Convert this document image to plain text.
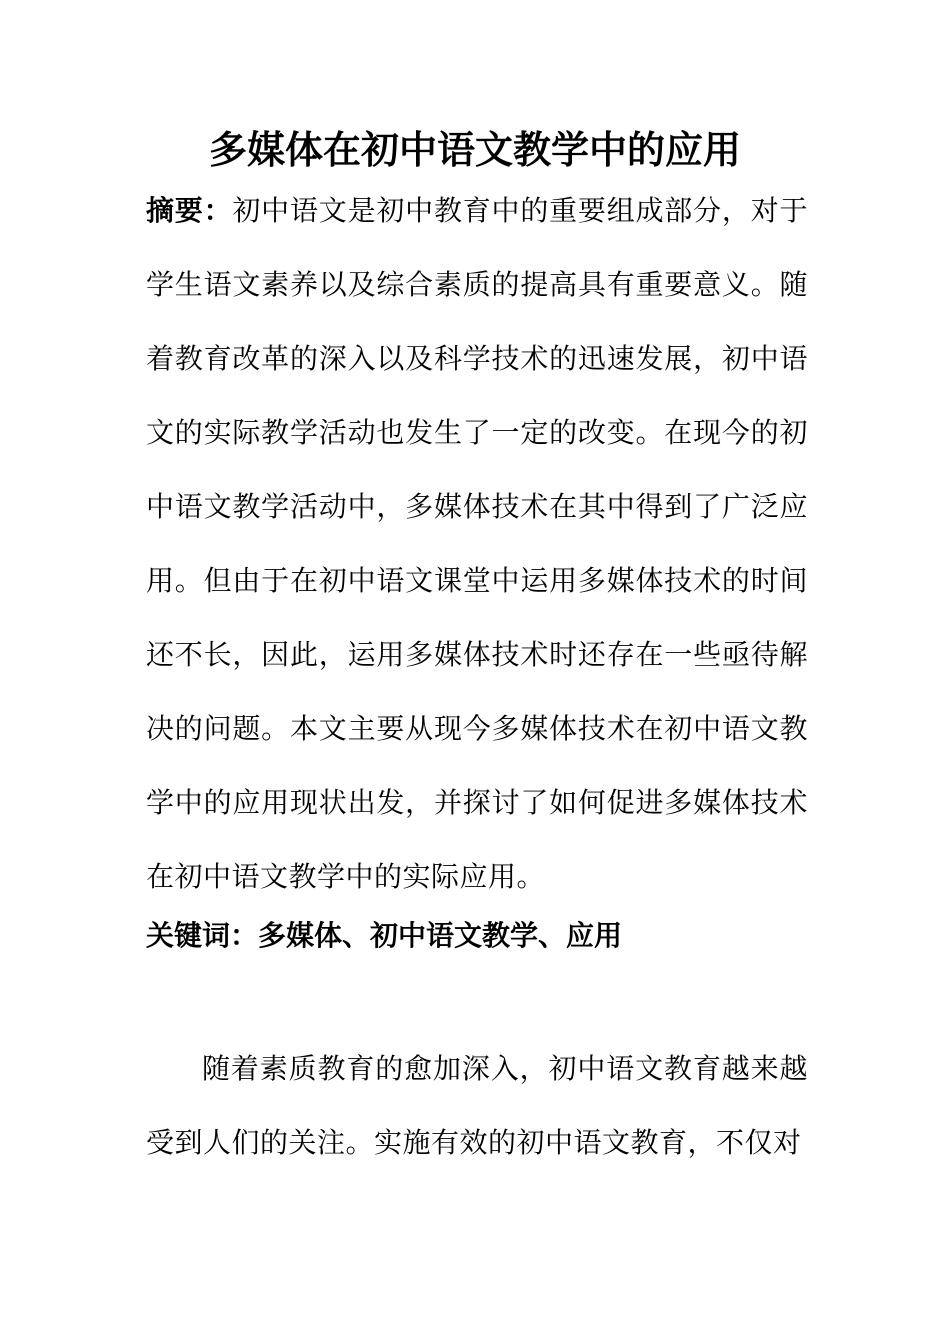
多媒体在初中语文教学中的应用
摘要：初中语文是初中教育中的重要组成部分，对于学生语文素养以及综合素质的提高具有重要意义。随着教育改革的深入以及科学技术的迅速发展，初中语文的实际教学活动也发生了一定的改变。在现今的初中语文教学活动中，多媒体技术在其中得到了广泛应用。但由于在初中语文课堂中运用多媒体技术的时间还不长，因此，运用多媒体技术时还存在一些亟待解决的问题。本文主要从现今多媒体技术在初中语文教学中的应用现状出发，并探讨了如何促进多媒体技术在初中语文教学中的实际应用。
关键词：多媒体、初中语文教学、应用
随着素质教育的愈加深入，初中语文教育越来越受到人们的关注。实施有效的初中语文教育，不仅对
